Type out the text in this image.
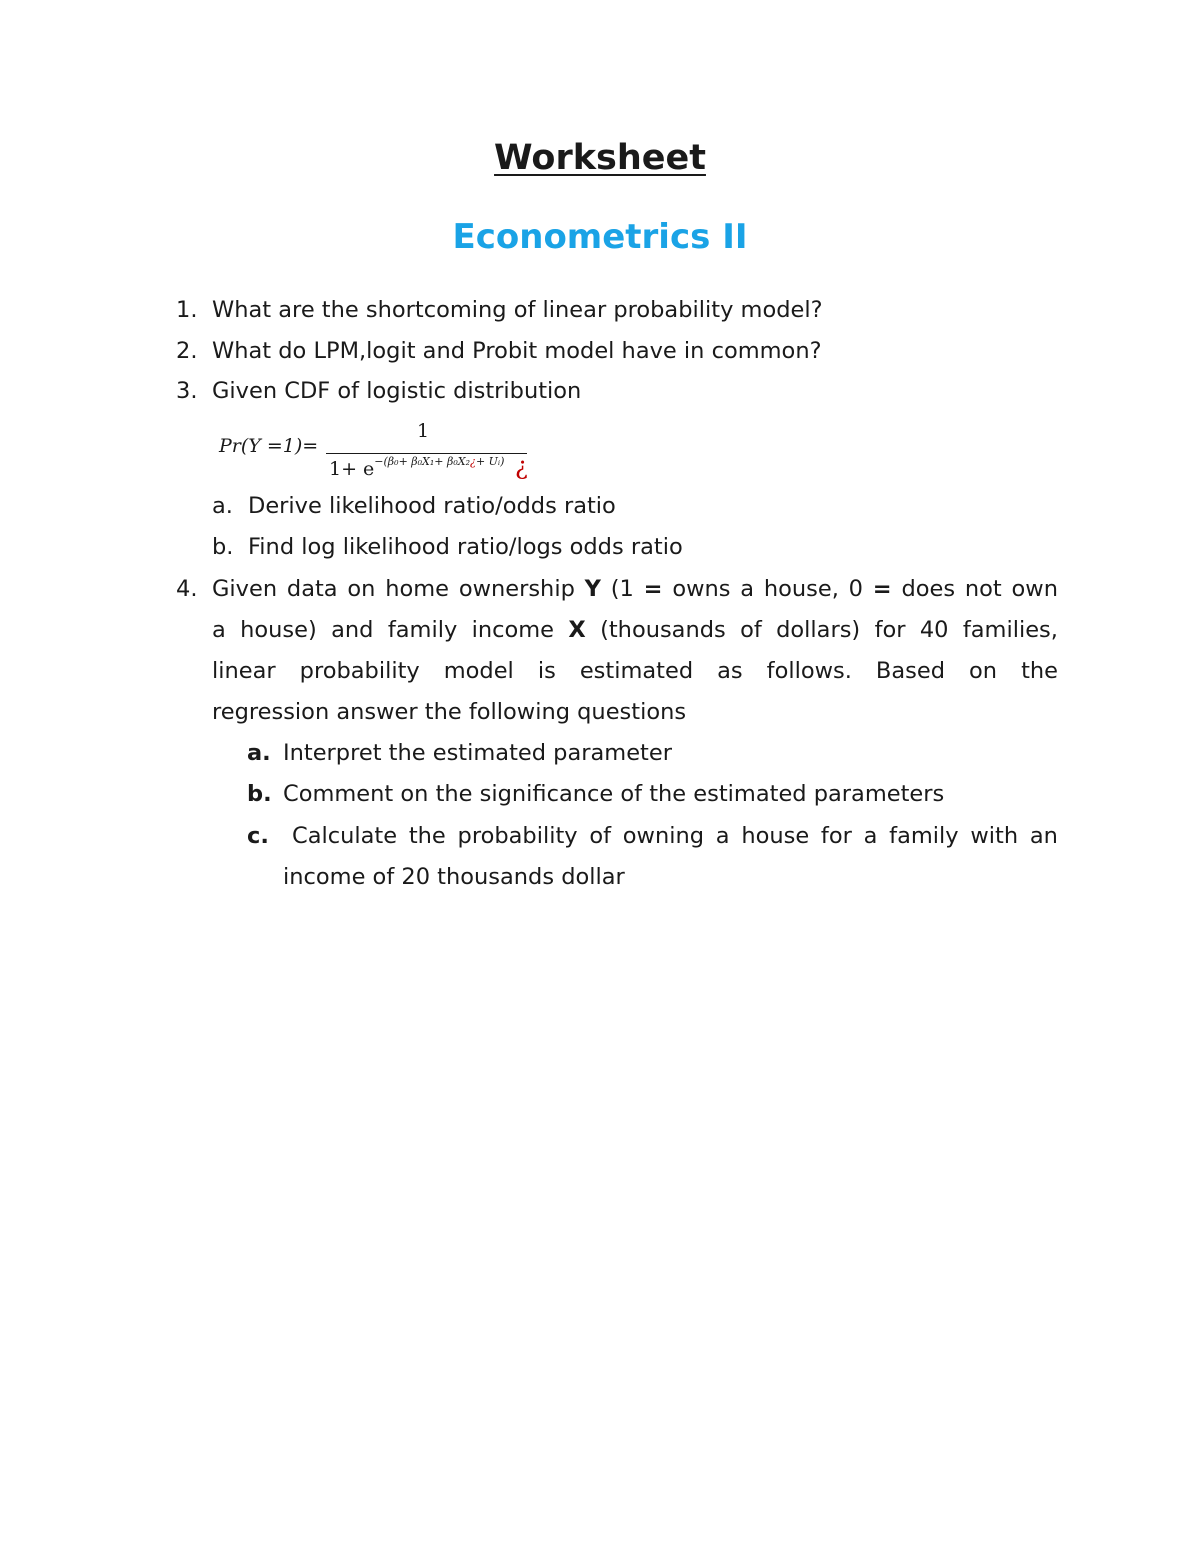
Worksheet
Econometrics II
1. What are the shortcoming of linear probability model?
2. What do LPM,logit and Probit model have in common?
3. Given CDF of logistic distribution
Pr(Y =1)=
1
$1+ e^{-(\beta_0+ \beta_0X_1+ \beta_0X_2¿+ Uᵢ)}$ ¿
a. Derive likelihood ratio/odds ratio
b. Find log likelihood ratio/logs odds ratio
4. Given data on home ownership Y (1 = owns a house, 0 = does not own
a house) and family income X (thousands of dollars) for 40 families,
linear probability model is estimated as follows. Based on the
regression answer the following questions
a. Interpret the estimated parameter
b. Comment on the significance of the estimated parameters
c.	Calculate the probability of owning a house for a family with an
income of 20 thousands dollar
